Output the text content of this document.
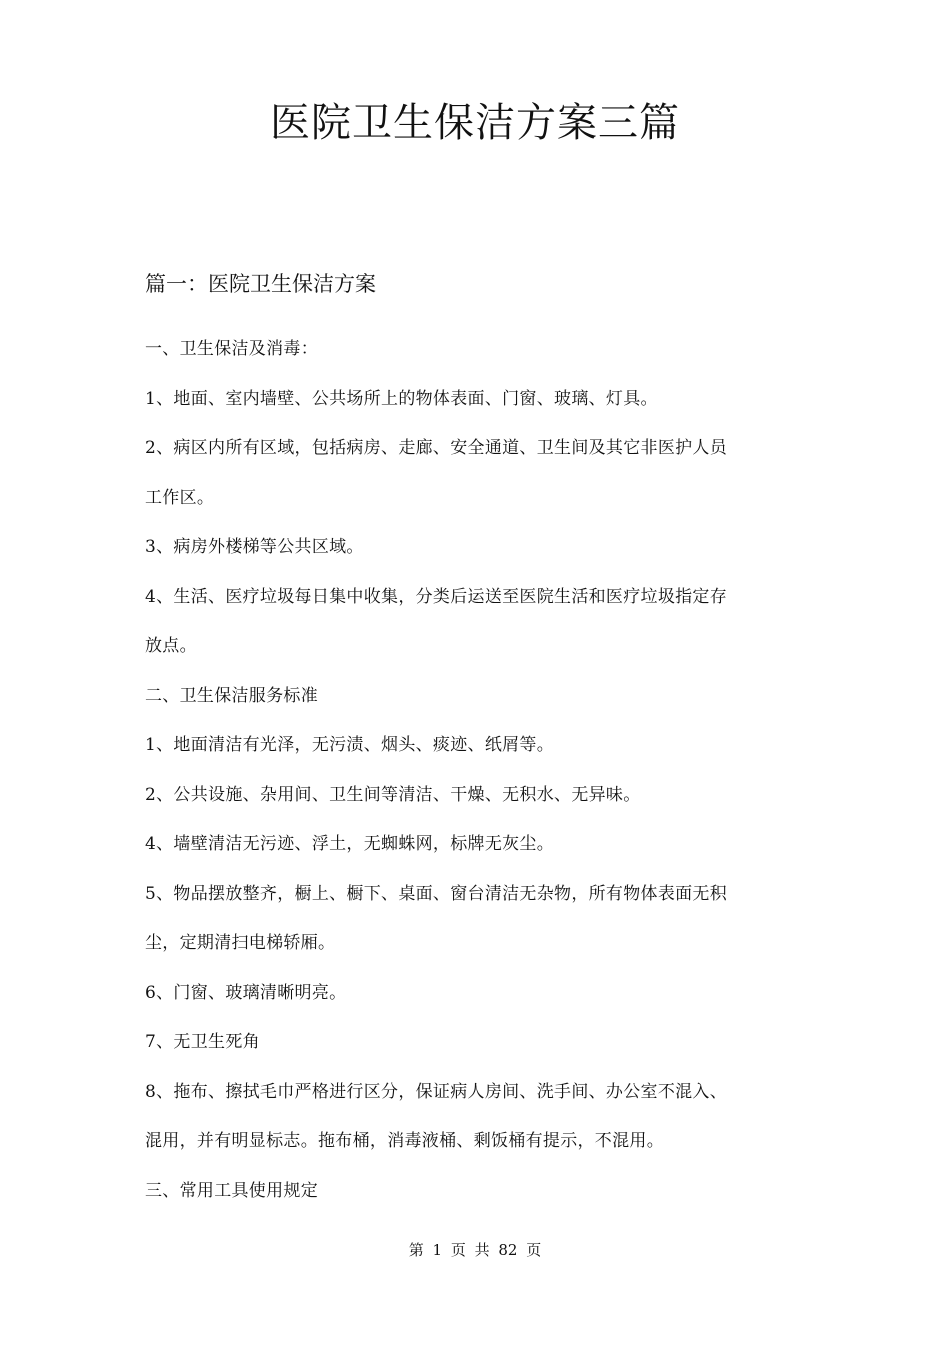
医院卫生保洁方案三篇
篇一：医院卫生保洁方案
一、卫生保洁及消毒：
1、地面、室内墙壁、公共场所上的物体表面、门窗、玻璃、灯具。
2、病区内所有区域，包括病房、走廊、安全通道、卫生间及其它非医护人员
工作区。
3、病房外楼梯等公共区域。
4、生活、医疗垃圾每日集中收集，分类后运送至医院生活和医疗垃圾指定存
放点。
二、卫生保洁服务标准
1、地面清洁有光泽，无污渍、烟头、痰迹、纸屑等。
2、公共设施、杂用间、卫生间等清洁、干燥、无积水、无异味。
4、墙壁清洁无污迹、浮土，无蜘蛛网，标牌无灰尘。
5、物品摆放整齐，橱上、橱下、桌面、窗台清洁无杂物，所有物体表面无积
尘，定期清扫电梯轿厢。
6、门窗、玻璃清晰明亮。
7、无卫生死角
8、拖布、擦拭毛巾严格进行区分，保证病人房间、洗手间、办公室不混入、
混用，并有明显标志。拖布桶，消毒液桶、剩饭桶有提示，不混用。
三、常用工具使用规定
第 1 页 共 82 页
